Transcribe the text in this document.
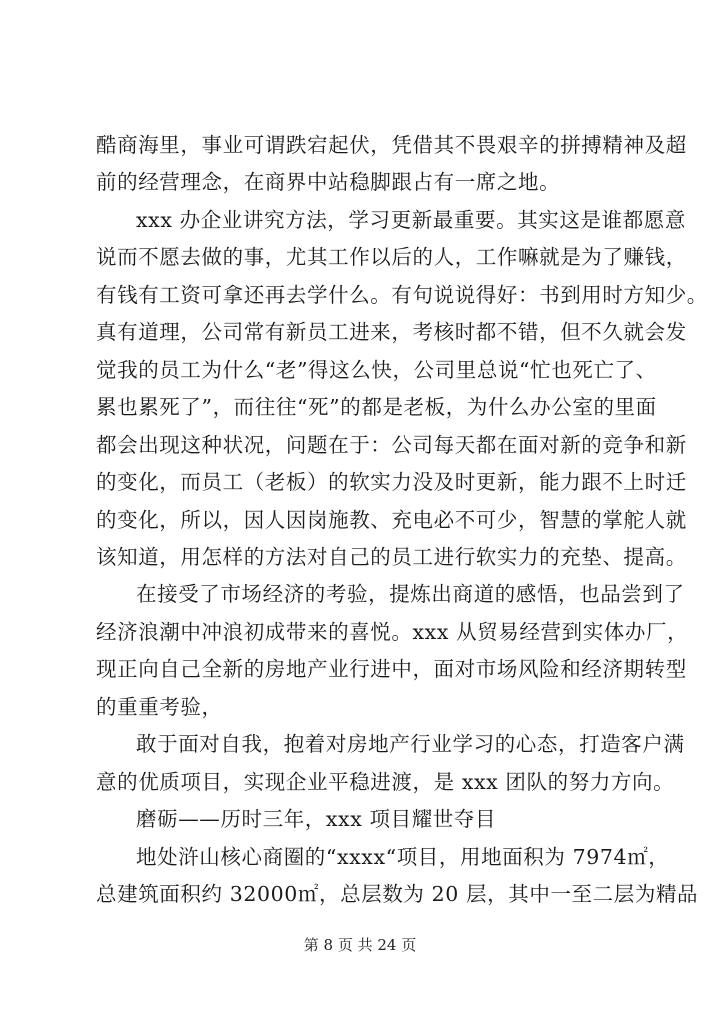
酷商海里，事业可谓跌宕起伏，凭借其不畏艰辛的拼搏精神及超
前的经营理念，在商界中站稳脚跟占有一席之地。
xxx 办企业讲究方法，学习更新最重要。其实这是谁都愿意
说而不愿去做的事，尤其工作以后的人，工作嘛就是为了赚钱，
有钱有工资可拿还再去学什么。有句说说得好：书到用时方知少。
真有道理，公司常有新员工进来，考核时都不错，但不久就会发
觉我的员工为什么“老”得这么快，公司里总说“忙也死亡了、
累也累死了”，而往往“死”的都是老板，为什么办公室的里面
都会出现这种状况，问题在于：公司每天都在面对新的竞争和新
的变化，而员工（老板）的软实力没及时更新，能力跟不上时迁
的变化，所以，因人因岗施教、充电必不可少，智慧的掌舵人就
该知道，用怎样的方法对自己的员工进行软实力的充垫、提高。
在接受了市场经济的考验，提炼出商道的感悟，也品尝到了
经济浪潮中冲浪初成带来的喜悦。xxx 从贸易经营到实体办厂，
现正向自己全新的房地产业行进中，面对市场风险和经济期转型
的重重考验，
敢于面对自我，抱着对房地产行业学习的心态，打造客户满
意的优质项目，实现企业平稳进渡，是 xxx 团队的努力方向。
磨砺——历时三年，xxx 项目耀世夺目
地处浒山核心商圈的“xxxx“项目，用地面积为 7974㎡，
总建筑面积约 32000㎡，总层数为 20 层，其中一至二层为精品
第 8 页 共 24 页
